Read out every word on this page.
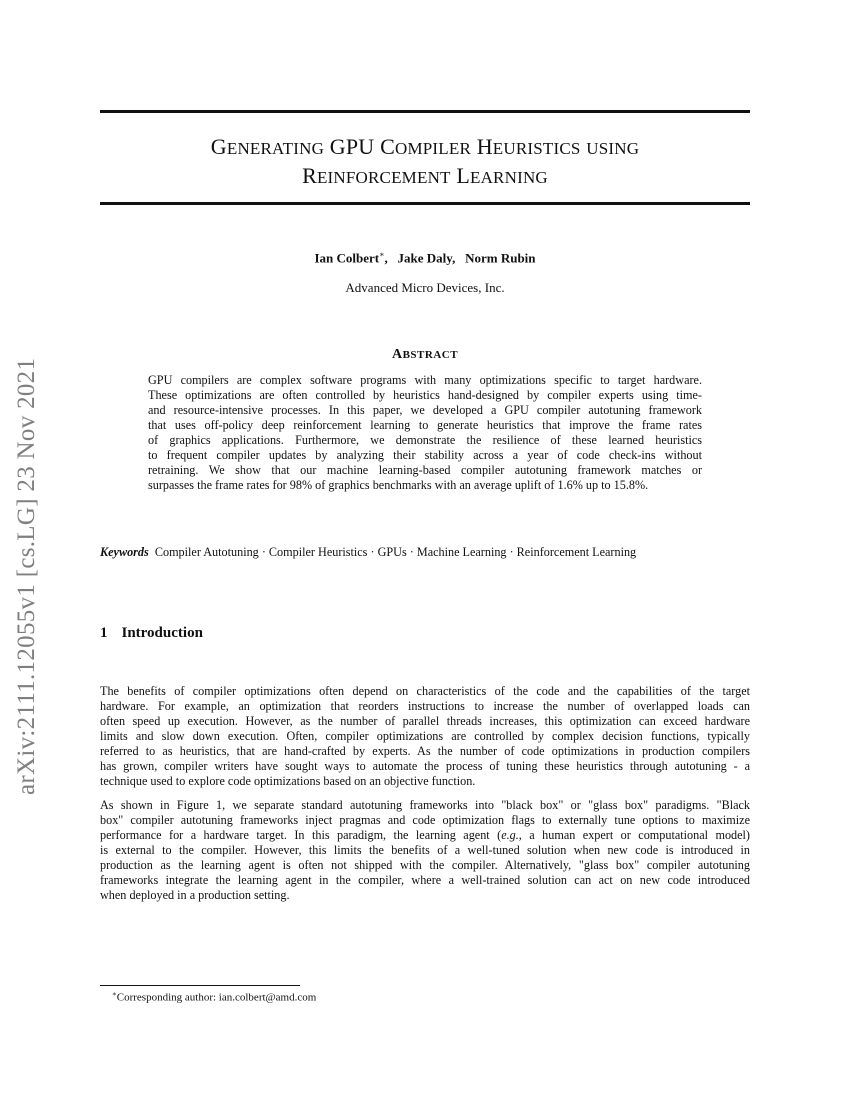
arXiv:2111.12055v1 [cs.LG] 23 Nov 2021
GENERATING GPU COMPILER HEURISTICS USING
REINFORCEMENT LEARNING
Ian Colbert∗,   Jake Daly, Norm Rubin
Advanced Micro Devices, Inc.
ABSTRACT
GPU compilers are complex software programs with many optimizations specific to target hardware.
These optimizations are often controlled by heuristics hand-designed by compiler experts using time-
and resource-intensive processes. In this paper, we developed a GPU compiler autotuning framework
that uses off-policy deep reinforcement learning to generate heuristics that improve the frame rates
of graphics applications. Furthermore, we demonstrate the resilience of these learned heuristics
to frequent compiler updates by analyzing their stability across a year of code check-ins without
retraining. We show that our machine learning-based compiler autotuning framework matches or
surpasses the frame rates for 98% of graphics benchmarks with an average uplift of 1.6% up to 15.8%.
Keywords Compiler Autotuning · Compiler Heuristics · GPUs · Machine Learning · Reinforcement Learning
1 Introduction
The benefits of compiler optimizations often depend on characteristics of the code and the capabilities of the target
hardware. For example, an optimization that reorders instructions to increase the number of overlapped loads can
often speed up execution. However, as the number of parallel threads increases, this optimization can exceed hardware
limits and slow down execution. Often, compiler optimizations are controlled by complex decision functions, typically
referred to as heuristics, that are hand-crafted by experts. As the number of code optimizations in production compilers
has grown, compiler writers have sought ways to automate the process of tuning these heuristics through autotuning - a
technique used to explore code optimizations based on an objective function.
As shown in Figure 1, we separate standard autotuning frameworks into "black box" or "glass box" paradigms. "Black
box" compiler autotuning frameworks inject pragmas and code optimization flags to externally tune options to maximize
performance for a hardware target. In this paradigm, the learning agent (e.g., a human expert or computational model)
is external to the compiler. However, this limits the benefits of a well-tuned solution when new code is introduced in
production as the learning agent is often not shipped with the compiler. Alternatively, "glass box" compiler autotuning
frameworks integrate the learning agent in the compiler, where a well-trained solution can act on new code introduced
when deployed in a production setting.
∗Corresponding author: ian.colbert@amd.com
